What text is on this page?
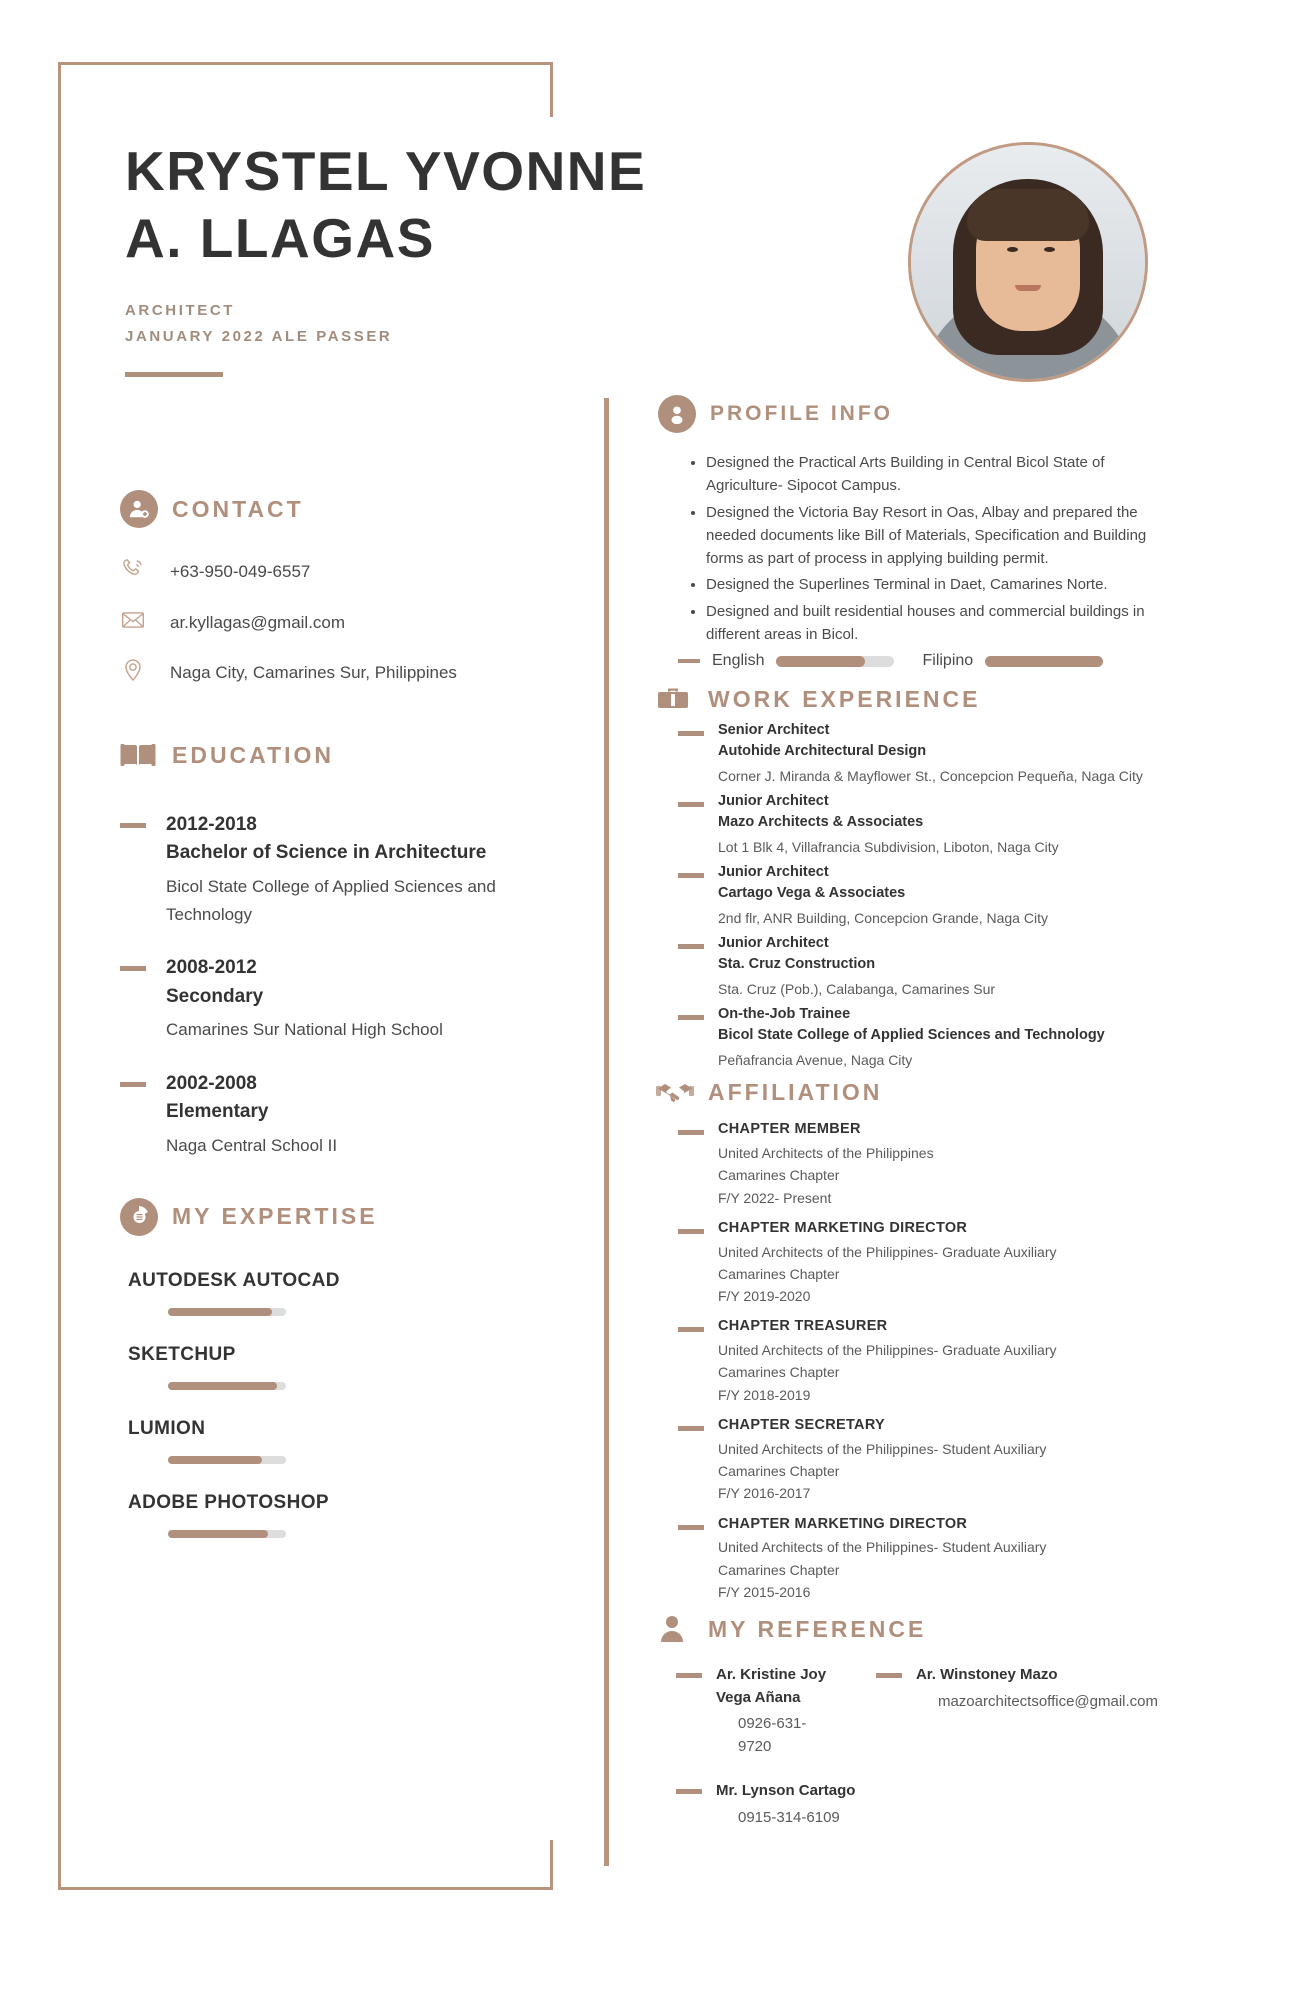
KRYSTEL YVONNE
A. LLAGAS
ARCHITECT
JANUARY 2022 ALE PASSER
CONTACT
+63-950-049-6557
ar.kyllagas@gmail.com
Naga City, Camarines Sur, Philippines
EDUCATION
2012-2018
Bachelor of Science in Architecture
Bicol State College of Applied Sciences and Technology
2008-2012
Secondary
Camarines Sur National High School
2002-2008
Elementary
Naga Central School II
MY EXPERTISE
AUTODESK AUTOCAD
SKETCHUP
LUMION
ADOBE PHOTOSHOP
PROFILE INFO
• Designed the Practical Arts Building in Central Bicol State of Agriculture- Sipocot Campus.
• Designed the Victoria Bay Resort in Oas, Albay and prepared the needed documents like Bill of Materials, Specification and Building forms as part of process in applying building permit.
• Designed the Superlines Terminal in Daet, Camarines Norte.
• Designed and built residential houses and commercial buildings in different areas in Bicol.
English	Filipino
WORK EXPERIENCE
Senior Architect
Autohide Architectural Design
Corner J. Miranda & Mayflower St., Concepcion Pequeña, Naga City
Junior Architect
Mazo Architects & Associates
Lot 1 Blk 4, Villafrancia Subdivision, Liboton, Naga City
Junior Architect
Cartago Vega & Associates
2nd flr, ANR Building, Concepcion Grande, Naga City
Junior Architect
Sta. Cruz Construction
Sta. Cruz (Pob.), Calabanga, Camarines Sur
On-the-Job Trainee
Bicol State College of Applied Sciences and Technology
Peñafrancia Avenue, Naga City
AFFILIATION
CHAPTER MEMBER
United Architects of the Philippines
Camarines Chapter
F/Y 2022- Present
CHAPTER MARKETING DIRECTOR
United Architects of the Philippines- Graduate Auxiliary
Camarines Chapter
F/Y 2019-2020
CHAPTER TREASURER
United Architects of the Philippines- Graduate Auxiliary
Camarines Chapter
F/Y 2018-2019
CHAPTER SECRETARY
United Architects of the Philippines- Student Auxiliary
Camarines Chapter
F/Y 2016-2017
CHAPTER MARKETING DIRECTOR
United Architects of the Philippines- Student Auxiliary
Camarines Chapter
F/Y 2015-2016
MY REFERENCE
Ar. Kristine Joy Vega Añana
0926-631-9720
Ar. Winstoney Mazo
mazoarchitectsoffice@gmail.com
Mr. Lynson Cartago
0915-314-6109
